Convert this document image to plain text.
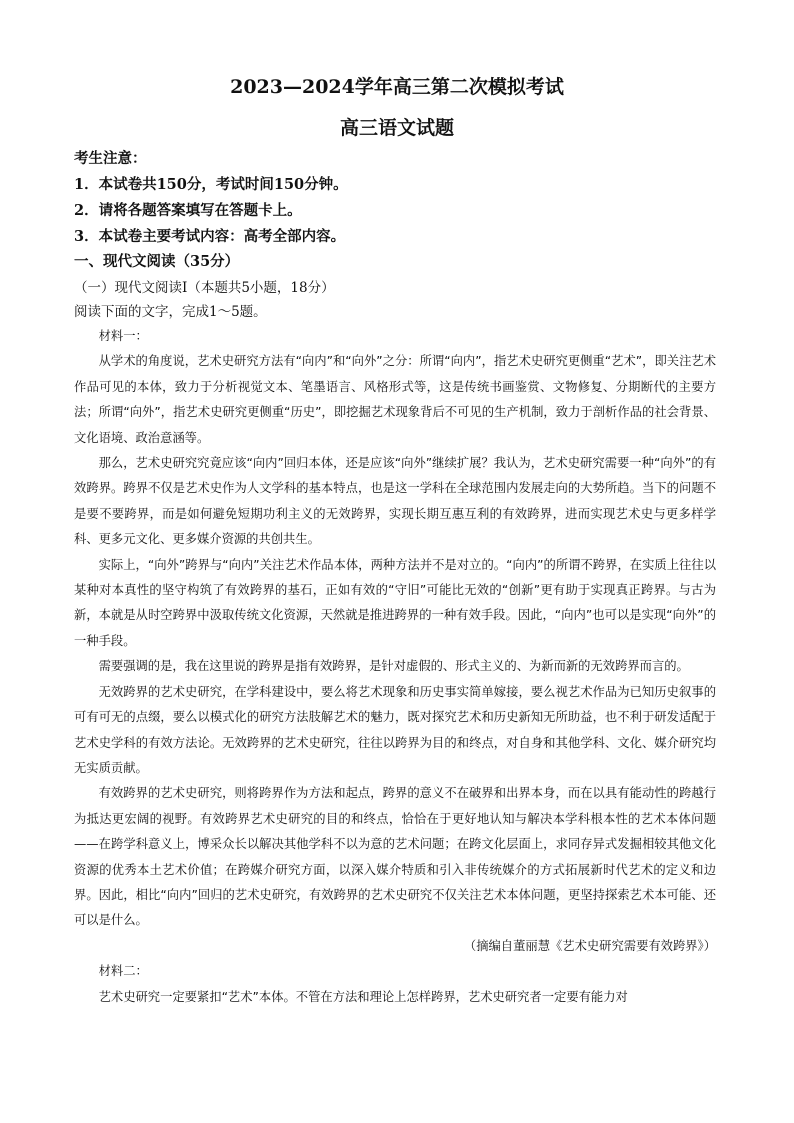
2023—2024学年高三第二次模拟考试
高三语文试题
考生注意：
1．本试卷共150分，考试时间150分钟。
2．请将各题答案填写在答题卡上。
3．本试卷主要考试内容：高考全部内容。
一、现代文阅读（35分）
（一）现代文阅读Ⅰ（本题共5小题，18分）
阅读下面的文字，完成1～5题。

材料一：

从学术的角度说，艺术史研究方法有“向内”和“向外”之分：所谓“向内”，指艺术史研究更侧重“艺术”，即关注艺术作品可见的本体，致力于分析视觉文本、笔墨语言、风格形式等，这是传统书画鉴赏、文物修复、分期断代的主要方法；所谓“向外”，指艺术史研究更侧重“历史”，即挖掘艺术现象背后不可见的生产机制，致力于剖析作品的社会背景、文化语境、政治意涵等。

那么，艺术史研究究竟应该“向内”回归本体，还是应该“向外”继续扩展？我认为，艺术史研究需要一种“向外”的有效跨界。跨界不仅是艺术史作为人文学科的基本特点，也是这一学科在全球范围内发展走向的大势所趋。当下的问题不是要不要跨界，而是如何避免短期功利主义的无效跨界，实现长期互惠互利的有效跨界，进而实现艺术史与更多样学科、更多元文化、更多媒介资源的共创共生。

实际上，“向外”跨界与“向内”关注艺术作品本体，两种方法并不是对立的。“向内”的所谓不跨界，在实质上往往以某种对本真性的坚守构筑了有效跨界的基石，正如有效的“守旧”可能比无效的“创新”更有助于实现真正跨界。与古为新，本就是从时空跨界中汲取传统文化资源，天然就是推进跨界的一种有效手段。因此，“向内”也可以是实现“向外”的一种手段。

需要强调的是，我在这里说的跨界是指有效跨界，是针对虚假的、形式主义的、为新而新的无效跨界而言的。

无效跨界的艺术史研究，在学科建设中，要么将艺术现象和历史事实简单嫁接，要么视艺术作品为已知历史叙事的可有可无的点缀，要么以模式化的研究方法肢解艺术的魅力，既对探究艺术和历史新知无所助益，也不利于研发适配于艺术史学科的有效方法论。无效跨界的艺术史研究，往往以跨界为目的和终点，对自身和其他学科、文化、媒介研究均无实质贡献。

有效跨界的艺术史研究，则将跨界作为方法和起点，跨界的意义不在破界和出界本身，而在以具有能动性的跨越行为抵达更宏阔的视野。有效跨界艺术史研究的目的和终点，恰恰在于更好地认知与解决本学科根本性的艺术本体问题——在跨学科意义上，博采众长以解决其他学科不以为意的艺术问题；在跨文化层面上，求同存异式发掘相较其他文化资源的优秀本土艺术价值；在跨媒介研究方面，以深入媒介特质和引入非传统媒介的方式拓展新时代艺术的定义和边界。因此，相比“向内”回归的艺术史研究，有效跨界的艺术史研究不仅关注艺术本体问题，更坚持探索艺术本可能、还可以是什么。

（摘编自董丽慧《艺术史研究需要有效跨界》）

材料二：

艺术史研究一定要紧扣“艺术”本体。不管在方法和理论上怎样跨界，艺术史研究者一定要有能力对
